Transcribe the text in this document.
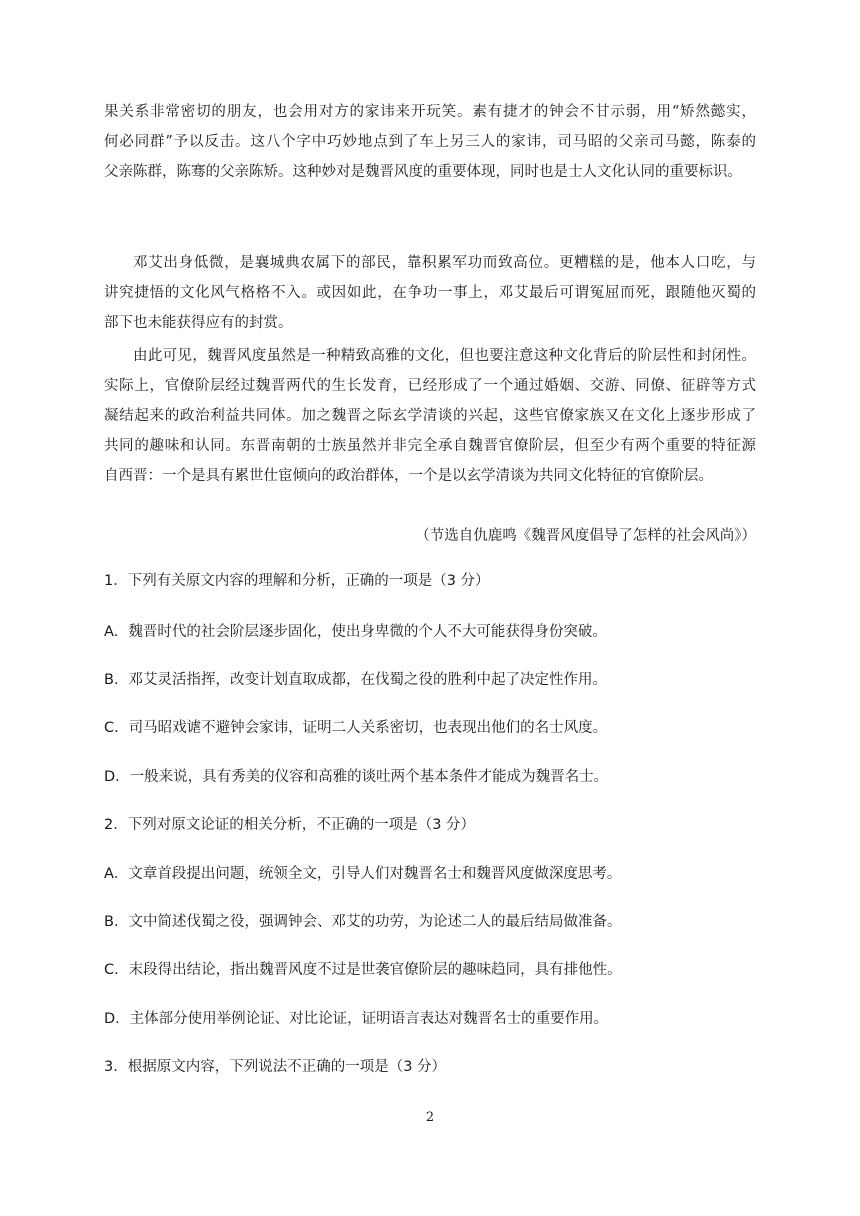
果关系非常密切的朋友，也会用对方的家讳来开玩笑。素有捷才的钟会不甘示弱，用“矫然懿实，
何必同群”予以反击。这八个字中巧妙地点到了车上另三人的家讳，司马昭的父亲司马懿，陈泰的
父亲陈群，陈骞的父亲陈矫。这种妙对是魏晋风度的重要体现，同时也是士人文化认同的重要标识。
邓艾出身低微，是襄城典农属下的部民，靠积累军功而致高位。更糟糕的是，他本人口吃，与
讲究捷悟的文化风气格格不入。或因如此，在争功一事上，邓艾最后可谓冤屈而死，跟随他灭蜀的
部下也未能获得应有的封赏。
由此可见，魏晋风度虽然是一种精致高雅的文化，但也要注意这种文化背后的阶层性和封闭性。
实际上，官僚阶层经过魏晋两代的生长发育，已经形成了一个通过婚姻、交游、同僚、征辟等方式
凝结起来的政治利益共同体。加之魏晋之际玄学清谈的兴起，这些官僚家族又在文化上逐步形成了
共同的趣味和认同。东晋南朝的士族虽然并非完全承自魏晋官僚阶层，但至少有两个重要的特征源
自西晋：一个是具有累世仕宦倾向的政治群体，一个是以玄学清谈为共同文化特征的官僚阶层。

（节选自仇鹿鸣《魏晋风度倡导了怎样的社会风尚》）

1．下列有关原文内容的理解和分析，正确的一项是（3 分）

A．魏晋时代的社会阶层逐步固化，使出身卑微的个人不大可能获得身份突破。

B．邓艾灵活指挥，改变计划直取成都，在伐蜀之役的胜利中起了决定性作用。

C．司马昭戏谑不避钟会家讳，证明二人关系密切，也表现出他们的名士风度。

D．一般来说，具有秀美的仪容和高雅的谈吐两个基本条件才能成为魏晋名士。

2．下列对原文论证的相关分析，不正确的一项是（3 分）

A．文章首段提出问题，统领全文，引导人们对魏晋名士和魏晋风度做深度思考。

B．文中简述伐蜀之役，强调钟会、邓艾的功劳，为论述二人的最后结局做准备。

C．末段得出结论，指出魏晋风度不过是世袭官僚阶层的趣味趋同，具有排他性。

D．主体部分使用举例论证、对比论证，证明语言表达对魏晋名士的重要作用。

3．根据原文内容，下列说法不正确的一项是（3 分）

2
